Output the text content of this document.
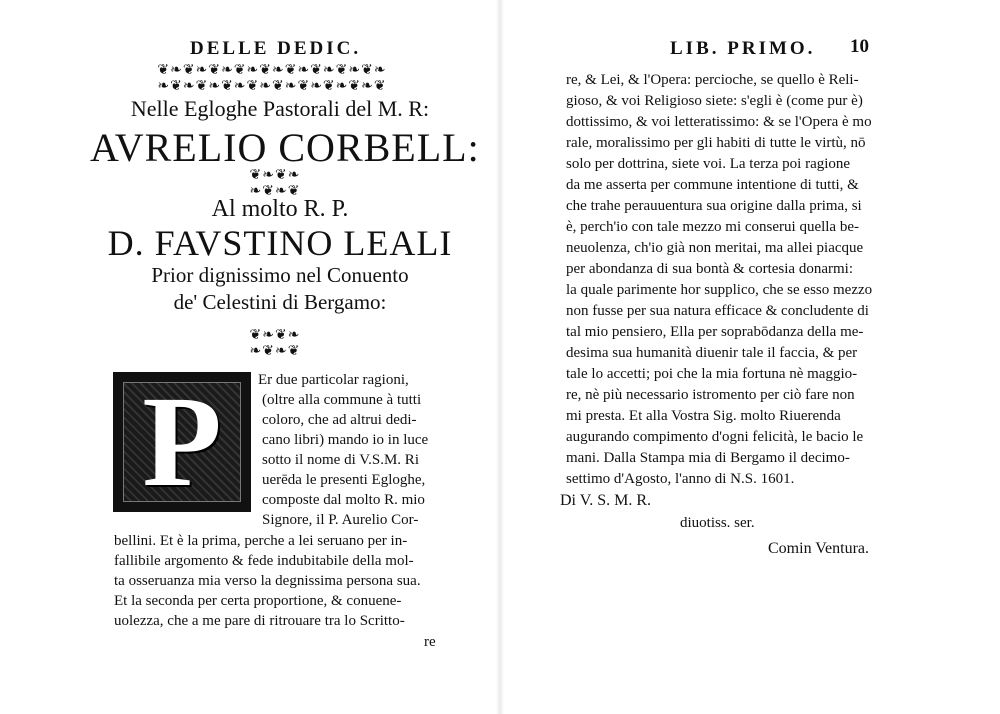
DELLE DEDIC.
❦❧❦❧❦❧❦❧❦❧❦❧❦❧❦❧❦❧
❧❦❧❦❧❦❧❦❧❦❧❦❧❦❧❦❧❦
Nelle Egloghe Pastorali del M. R:
AVRELIO CORBELL:
❦❧❦❧
❧❦❧❦
Al molto R. P.
D. FAVSTINO LEALI
Prior dignissimo nel Conuento
de' Celestini di Bergamo:
❦❧❦❧
❧❦❧❦
P Er due particolar ragioni,
(oltre alla commune à tutti
coloro, che ad altrui dedi-
cano libri) mando io in luce
sotto il nome di V.S.M. Ri
uerēda le presenti Egloghe,
composte dal molto R. mio
Signore, il P. Aurelio Cor-
bellini. Et è la prima, perche a lei seruano per in-
fallibile argomento & fede indubitabile della mol-
ta osseruanza mia verso la degnissima persona sua.
Et la seconda per certa proportione, & conuene-
uolezza, che a me pare di ritrouare tra lo Scritto-
re
LIB. PRIMO. 10
re, & Lei, & l'Opera: percioche, se quello è Reli-
gioso, & voi Religioso siete: s'egli è (come pur è)
dottissimo, & voi letteratissimo: & se l'Opera è mo
rale, moralissimo per gli habiti di tutte le virtù, nō
solo per dottrina, siete voi. La terza poi ragione
da me asserta per commune intentione di tutti, &
che trahe perauuentura sua origine dalla prima, si
è, perch'io con tale mezzo mi conserui quella be-
neuolenza, ch'io già non meritai, ma allei piacque
per abondanza di sua bontà & cortesia donarmi:
la quale parimente hor supplico, che se esso mezzo
non fusse per sua natura efficace & concludente di
tal mio pensiero, Ella per soprabōdanza della me-
desima sua humanità diuenir tale il faccia, & per
tale lo accetti; poi che la mia fortuna nè maggio-
re, nè più necessario istromento per ciò fare non
mi presta. Et alla Vostra Sig. molto Riuerenda
augurando compimento d'ogni felicità, le bacio le
mani. Dalla Stampa mia di Bergamo il decimo-
settimo d'Agosto, l'anno di N.S. 1601.
Di V. S. M. R.
diuotiss. ser.
Comin Ventura.
